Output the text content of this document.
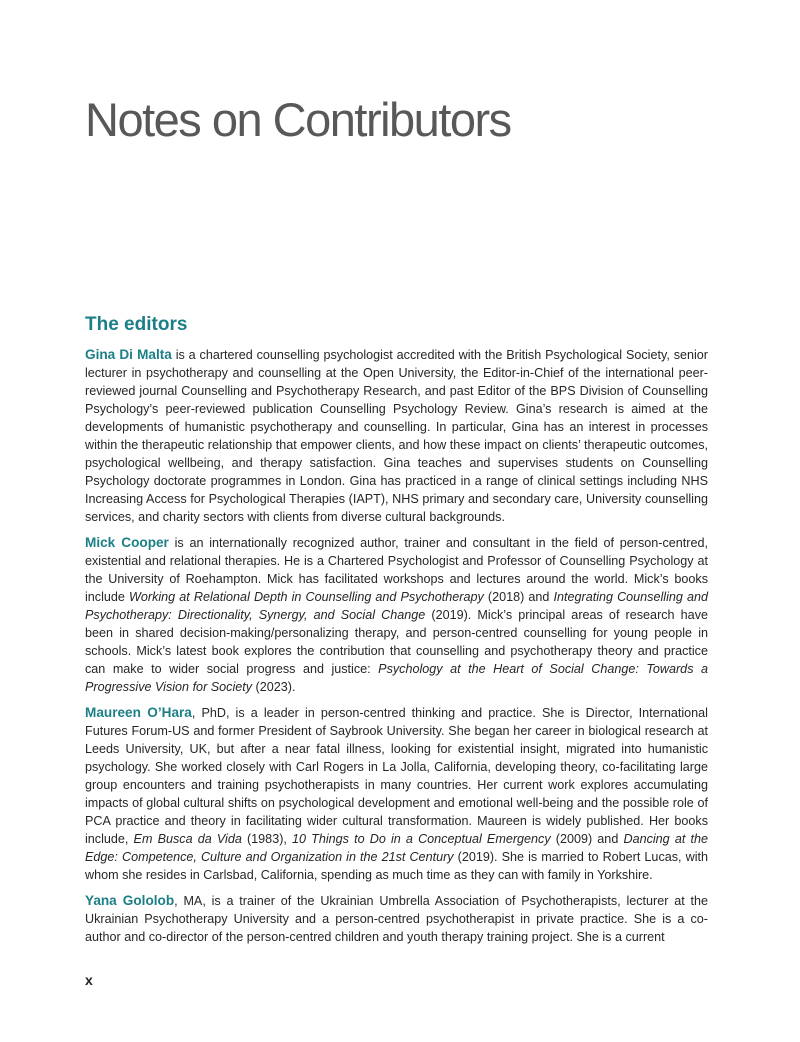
Notes on Contributors
The editors

Gina Di Malta is a chartered counselling psychologist accredited with the British Psychological Society, senior lecturer in psychotherapy and counselling at the Open University, the Editor-in-Chief of the international peer-reviewed journal Counselling and Psychotherapy Research, and past Editor of the BPS Division of Counselling Psychology’s peer-reviewed publication Counselling Psychology Review. Gina’s research is aimed at the developments of humanistic psychotherapy and counselling. In particular, Gina has an interest in processes within the therapeutic relationship that empower clients, and how these impact on clients’ therapeutic outcomes, psychological wellbeing, and therapy satisfaction. Gina teaches and supervises students on Counselling Psychology doctorate programmes in London. Gina has practiced in a range of clinical settings including NHS Increasing Access for Psychological Therapies (IAPT), NHS primary and secondary care, University counselling services, and charity sectors with clients from diverse cultural backgrounds.

Mick Cooper is an internationally recognized author, trainer and consultant in the field of person-centred, existential and relational therapies. He is a Chartered Psychologist and Professor of Counselling Psychology at the University of Roehampton. Mick has facilitated workshops and lectures around the world. Mick’s books include Working at Relational Depth in Counselling and Psychotherapy (2018) and Integrating Counselling and Psychotherapy: Directionality, Synergy, and Social Change (2019). Mick’s principal areas of research have been in shared decision-making/personalizing therapy, and person-centred counselling for young people in schools. Mick’s latest book explores the contribution that counselling and psychotherapy theory and practice can make to wider social progress and justice: Psychology at the Heart of Social Change: Towards a Progressive Vision for Society (2023).

Maureen O’Hara, PhD, is a leader in person-centred thinking and practice. She is Director, International Futures Forum-US and former President of Saybrook University. She began her career in biological research at Leeds University, UK, but after a near fatal illness, looking for existential insight, migrated into humanistic psychology. She worked closely with Carl Rogers in La Jolla, California, developing theory, co-facilitating large group encounters and training psychotherapists in many countries. Her current work explores accumulating impacts of global cultural shifts on psychological development and emotional well-being and the possible role of PCA practice and theory in facilitating wider cultural transformation. Maureen is widely published. Her books include, Em Busca da Vida (1983), 10 Things to Do in a Conceptual Emergency (2009) and Dancing at the Edge: Competence, Culture and Organization in the 21st Century (2019). She is married to Robert Lucas, with whom she resides in Carlsbad, California, spending as much time as they can with family in Yorkshire.

Yana Gololob, MA, is a trainer of the Ukrainian Umbrella Association of Psychotherapists, lecturer at the Ukrainian Psychotherapy University and a person-centred psychotherapist in private practice. She is a co-author and co-director of the person-centred children and youth therapy training project. She is a current

x
